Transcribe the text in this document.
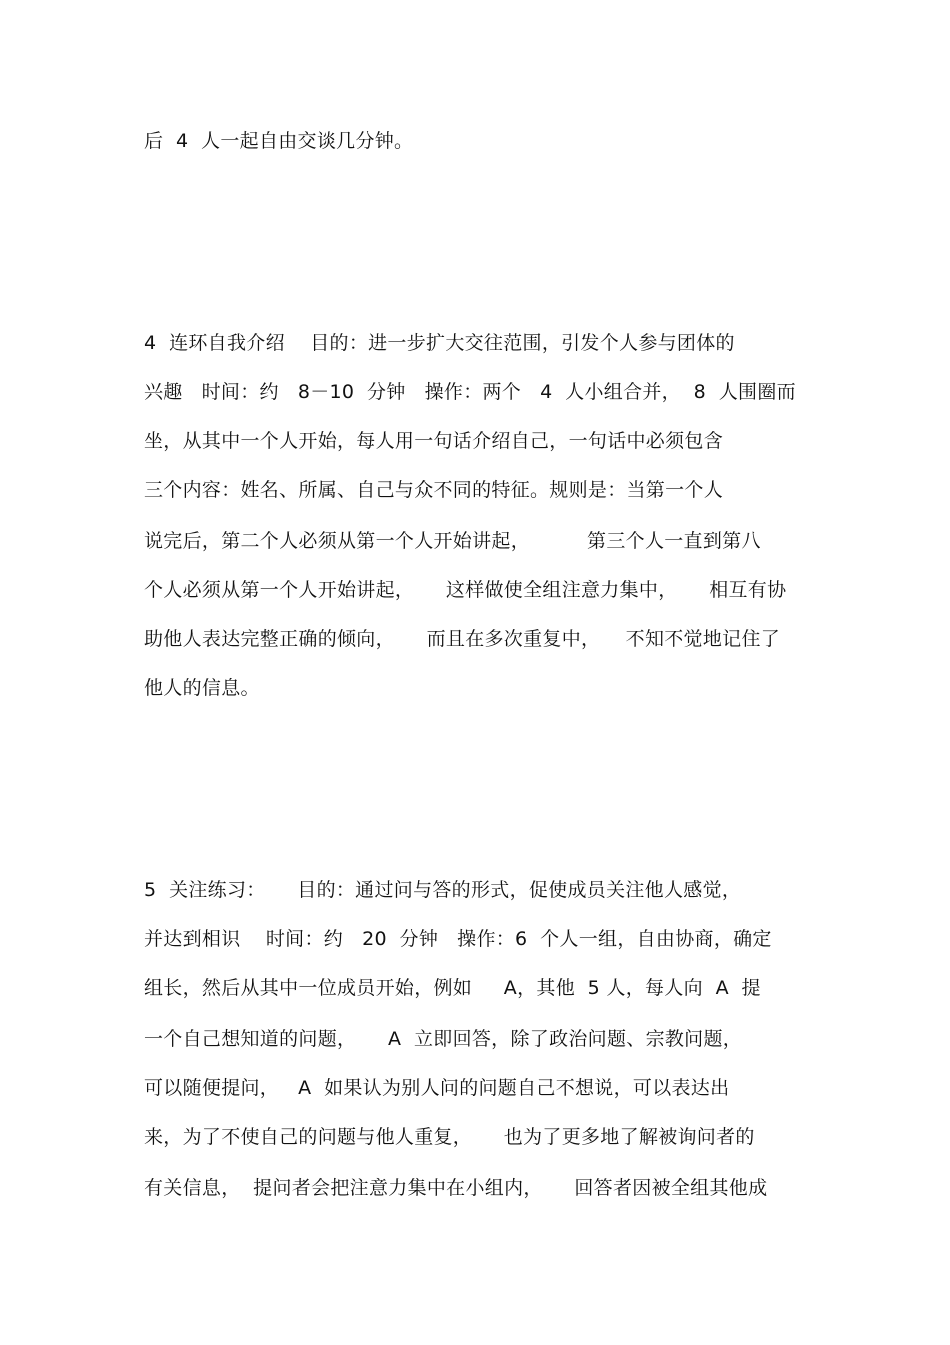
后  4  人一起自由交谈几分钟。
4  连环自我介绍    目的：进一步扩大交往范围，引发个人参与团体的
兴趣   时间：约   8－10  分钟   操作：两个   4  人小组合并，  8  人围圈而
坐，从其中一个人开始，每人用一句话介绍自己，一句话中必须包含
三个内容：姓名、所属、自己与众不同的特征。规则是：当第一个人
说完后，第二个人必须从第一个人开始讲起，         第三个人一直到第八
个人必须从第一个人开始讲起，     这样做使全组注意力集中，     相互有协
助他人表达完整正确的倾向，     而且在多次重复中，    不知不觉地记住了
他人的信息。
5  关注练习：     目的：通过问与答的形式，促使成员关注他人感觉，
并达到相识    时间：约   20  分钟   操作：6  个人一组，自由协商，确定
组长，然后从其中一位成员开始，例如     A，其他  5 人，每人向  A  提
一个自己想知道的问题，     A  立即回答，除了政治问题、宗教问题，
可以随便提问，   A  如果认为别人问的问题自己不想说，可以表达出
来，为了不使自己的问题与他人重复，     也为了更多地了解被询问者的
有关信息，  提问者会把注意力集中在小组内，     回答者因被全组其他成
